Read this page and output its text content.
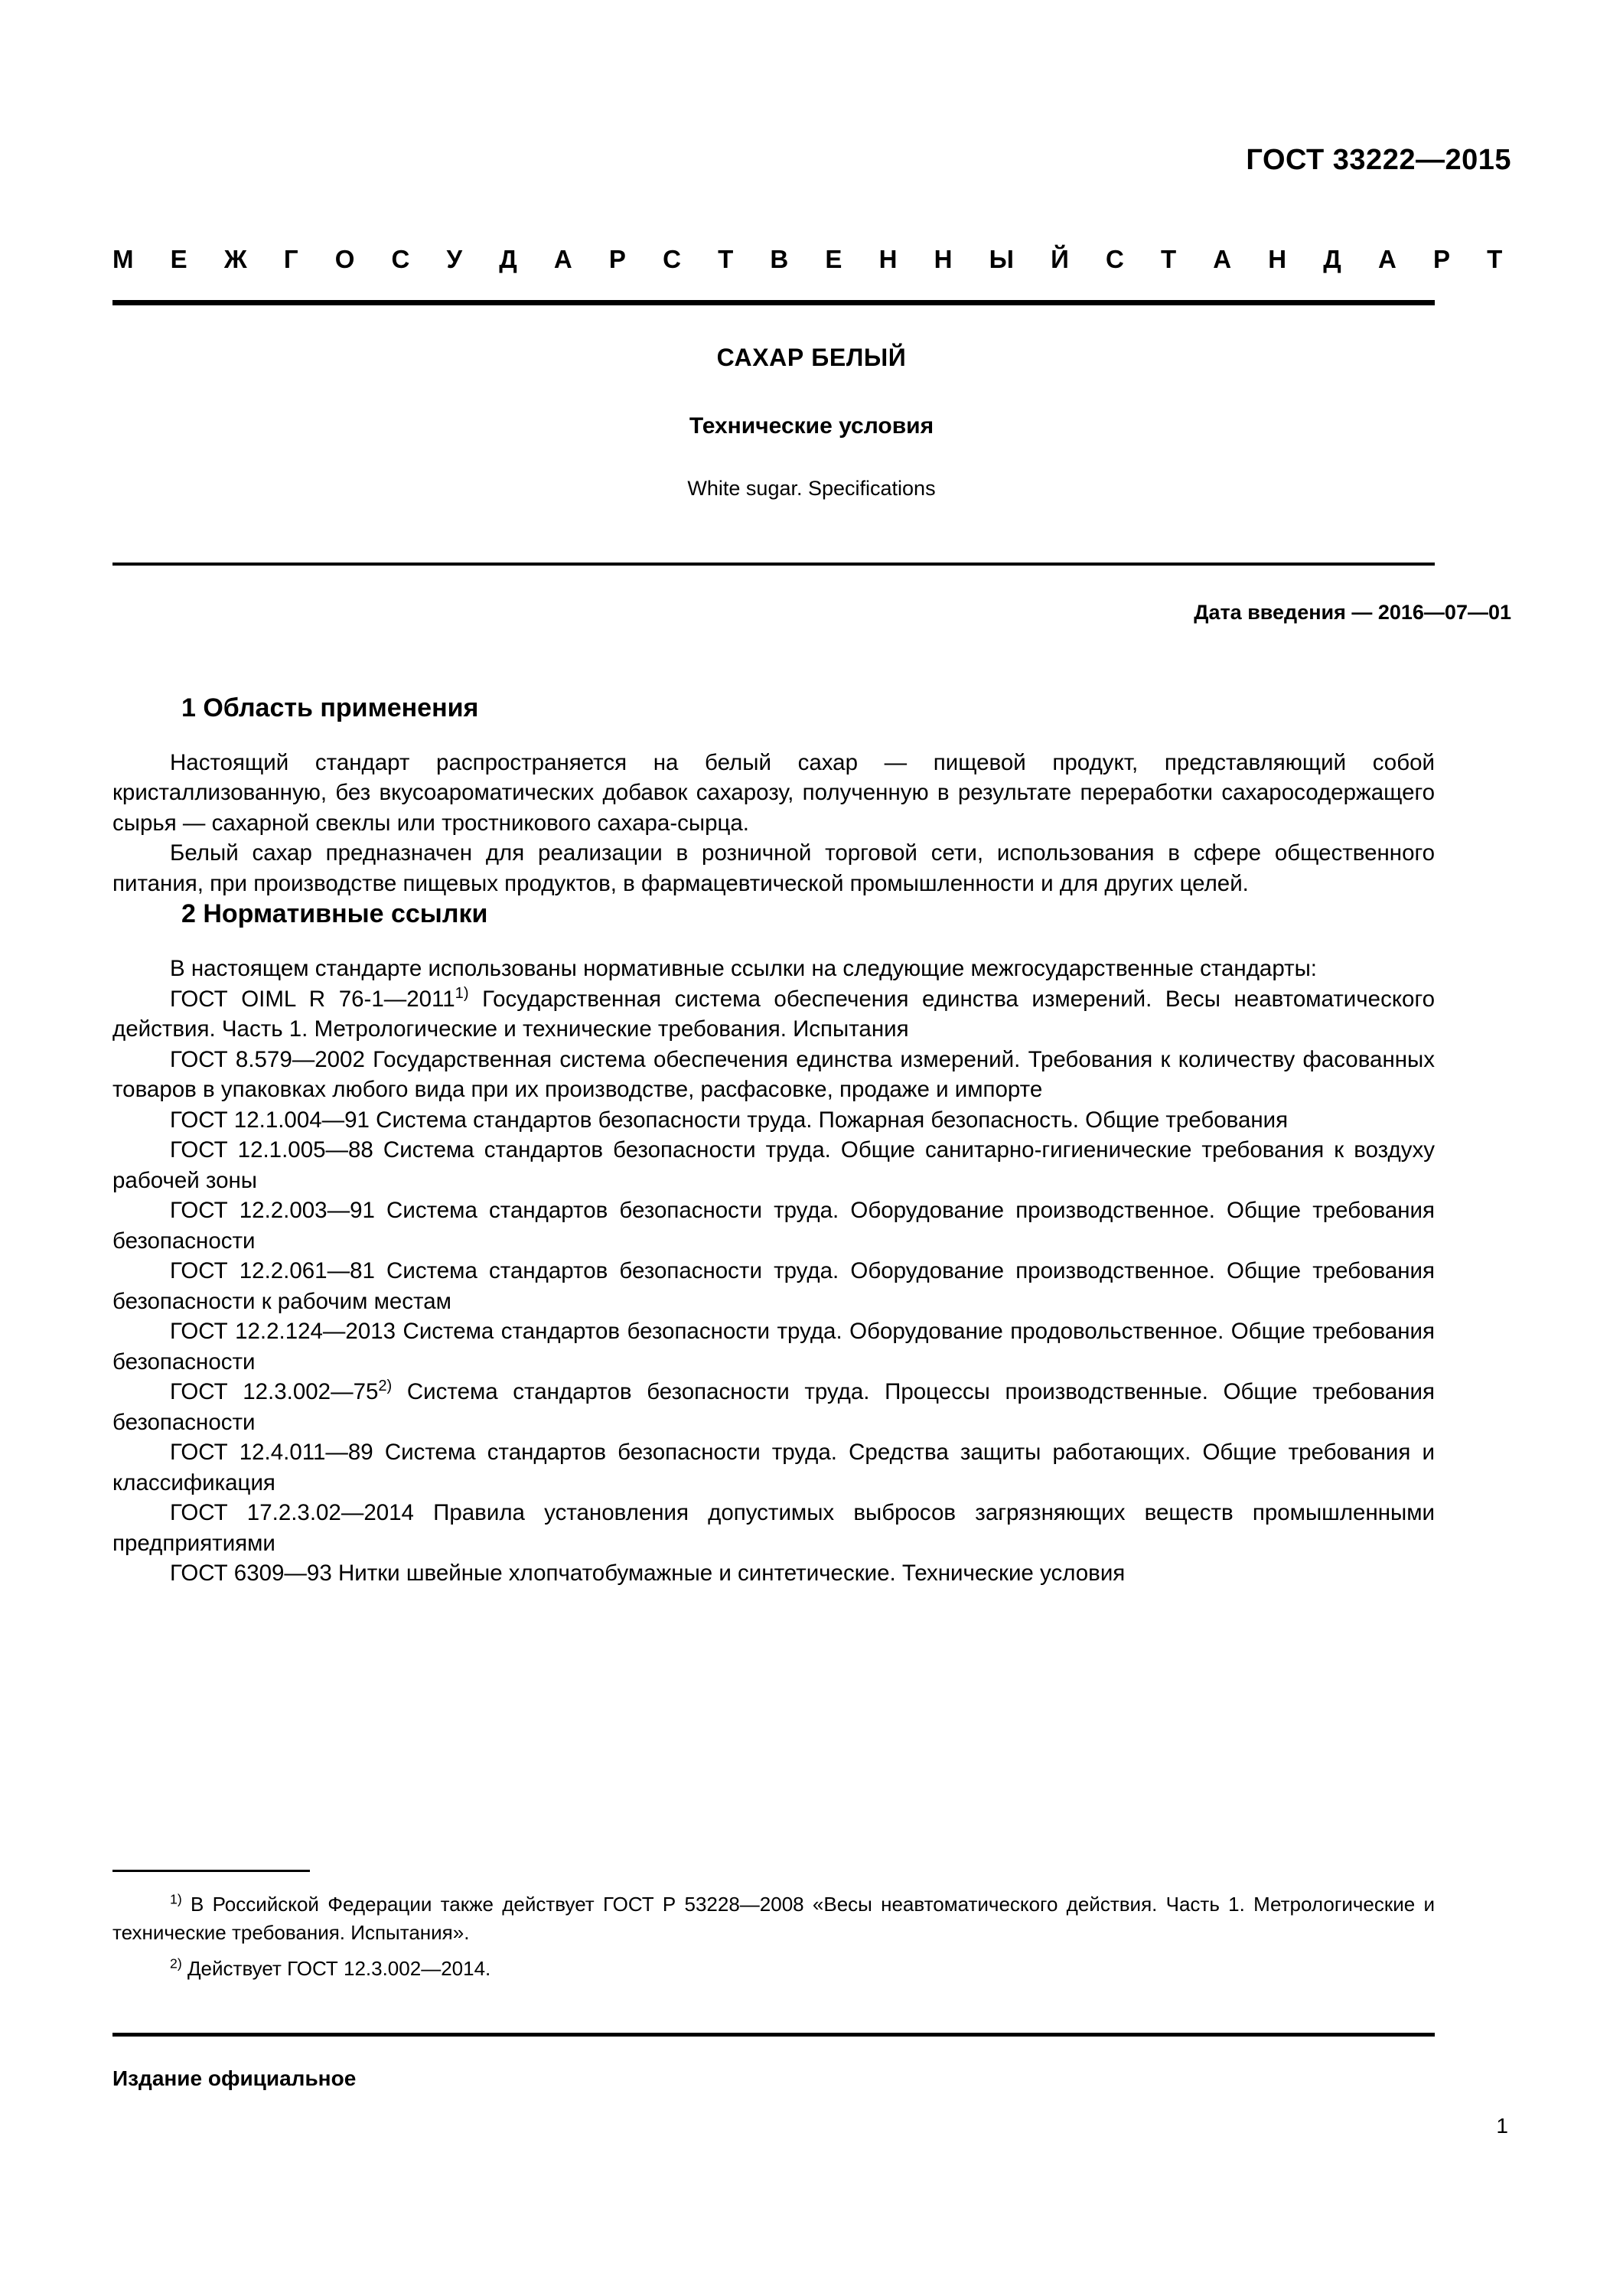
ГОСТ 33222—2015
М Е Ж Г О С У Д А Р С Т В Е Н Н Ы Й С Т А Н Д А Р Т
САХАР БЕЛЫЙ
Технические условия
White sugar. Specifications
Дата введения — 2016—07—01
1 Область применения

Настоящий стандарт распространяется на белый сахар — пищевой продукт, представляющий собой кристаллизованную, без вкусоароматических добавок сахарозу, полученную в результате переработки сахаросодержащего сырья — сахарной свеклы или тростникового сахара-сырца.

Белый сахар предназначен для реализации в розничной торговой сети, использования в сфере общественного питания, при производстве пищевых продуктов, в фармацевтической промышленности и для других целей.

2 Нормативные ссылки

В настоящем стандарте использованы нормативные ссылки на следующие межгосударственные стандарты:

ГОСТ OIML R 76-1—2011$^{1)}$ Государственная система обеспечения единства измерений. Весы неавтоматического действия. Часть 1. Метрологические и технические требования. Испытания

ГОСТ 8.579—2002 Государственная система обеспечения единства измерений. Требования к количеству фасованных товаров в упаковках любого вида при их производстве, расфасовке, продаже и импорте

ГОСТ 12.1.004—91 Система стандартов безопасности труда. Пожарная безопасность. Общие требования

ГОСТ 12.1.005—88 Система стандартов безопасности труда. Общие санитарно-гигиенические требования к воздуху рабочей зоны

ГОСТ 12.2.003—91 Система стандартов безопасности труда. Оборудование производственное. Общие требования безопасности

ГОСТ 12.2.061—81 Система стандартов безопасности труда. Оборудование производственное. Общие требования безопасности к рабочим местам

ГОСТ 12.2.124—2013 Система стандартов безопасности труда. Оборудование продовольственное. Общие требования безопасности

ГОСТ 12.3.002—75$^{2)}$ Система стандартов безопасности труда. Процессы производственные. Общие требования безопасности

ГОСТ 12.4.011—89 Система стандартов безопасности труда. Средства защиты работающих. Общие требования и классификация

ГОСТ 17.2.3.02—2014 Правила установления допустимых выбросов загрязняющих веществ промышленными предприятиями

ГОСТ 6309—93 Нитки швейные хлопчатобумажные и синтетические. Технические условия

$^{1)}$ В Российской Федерации также действует ГОСТ Р 53228—2008 «Весы неавтоматического действия. Часть 1. Метрологические и технические требования. Испытания».

$^{2)}$ Действует ГОСТ 12.3.002—2014.

Издание официальное
1
